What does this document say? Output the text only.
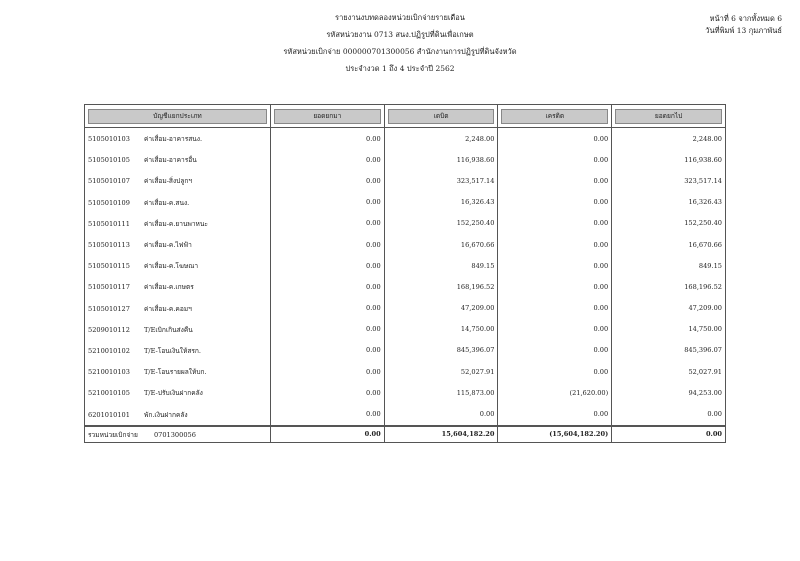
รายงานงบทดลองหน่วยเบิกจ่ายรายเดือน
รหัสหน่วยงาน 0713 สนง.ปฏิรูปที่ดินเพื่อเกษต
รหัสหน่วยเบิกจ่าย 000000701300056 สำนักงานการปฏิรูปที่ดินจังหวัด
ประจำงวด 1 ถึง 4 ประจำปี 2562
หน้าที่ 6 จากทั้งหมด 6
วันที่พิมพ์ 13 กุมภาพันธ์
บัญชีแยกประเภท	ยอดยกมา	เดบิต	เครดิต	ยอดยกไป

5105010103 ค่าเสื่อม-อาคารสนง.	0.00	2,248.00	0.00	2,248.00
5105010105 ค่าเสื่อม-อาคารอื่น	0.00	116,938.60	0.00	116,938.60
5105010107 ค่าเสื่อม-สิ่งปลูกฯ	0.00	323,517.14	0.00	323,517.14
5105010109 ค่าเสื่อม-ค.สนง.	0.00	16,326.43	0.00	16,326.43
5105010111 ค่าเสื่อม-ค.ยานพาหนะ	0.00	152,250.40	0.00	152,250.40
5105010113 ค่าเสื่อม-ค.ไฟฟ้า	0.00	16,670.66	0.00	16,670.66
5105010115 ค่าเสื่อม-ค.โฆษณา	0.00	849.15	0.00	849.15
5105010117 ค่าเสื่อม-ค.เกษตร	0.00	168,196.52	0.00	168,196.52
5105010127 ค่าเสื่อม-ค.คอมฯ	0.00	47,209.00	0.00	47,209.00
5209010112 T/Eเบิกเกินส่งคืน	0.00	14,750.00	0.00	14,750.00
5210010102 T/E-โอนเงินให้สรก.	0.00	845,396.07	0.00	845,396.07
5210010103 T/E-โอนรายผลให้บก.	0.00	52,027.91	0.00	52,027.91
5210010105 T/E-ปรับเงินฝากคลัง	0.00	115,873.00	(21,620.00)	94,253.00
6201010101 พัก.เงินฝากคลัง	0.00	0.00	0.00	0.00
รวมหน่วยเบิกจ่าย 0701300056	0.00	15,604,182.20	(15,604,182.20)	0.00
